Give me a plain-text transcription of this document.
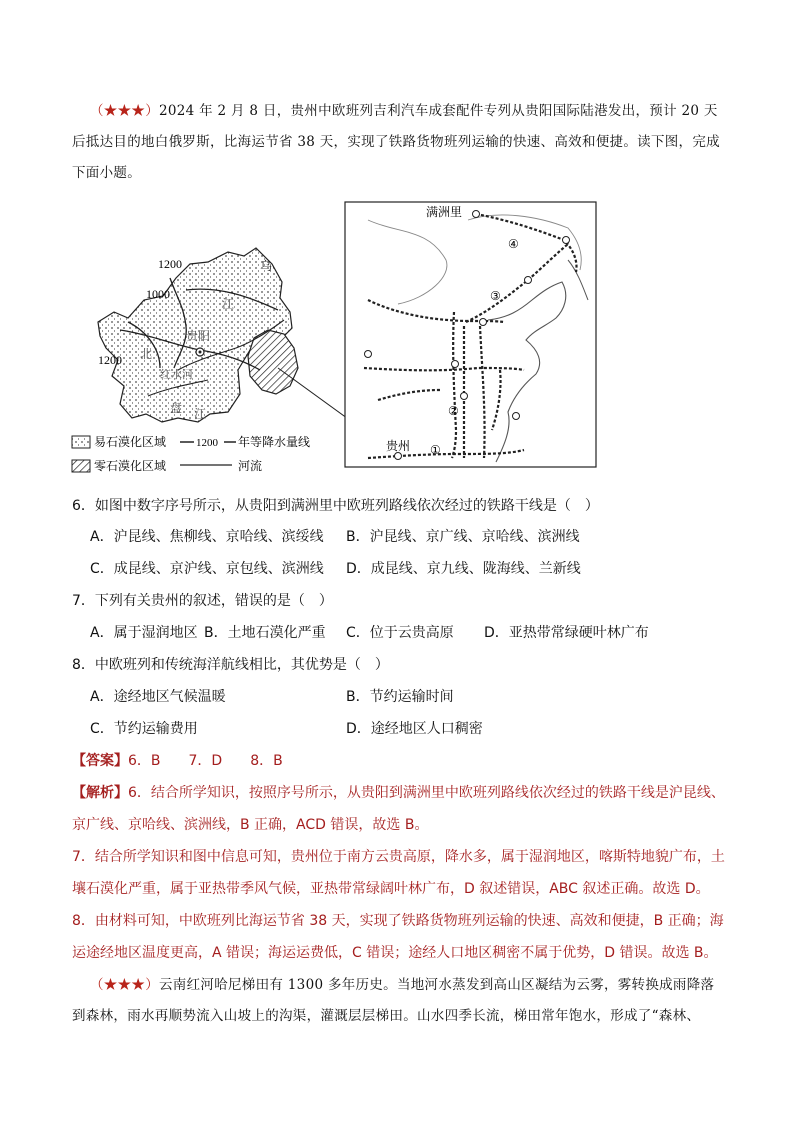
（★★★）2024 年 2 月 8 日，贵州中欧班列吉利汽车成套配件专列从贵阳国际陆港发出，预计 20 天后抵达目的地白俄罗斯，比海运节省 38 天，实现了铁路货物班列运输的快速、高效和便捷。读下图，完成下面小题。
1200
1000
1200
乌
江
贵阳
北
红水河
盘 江
易石漠化区域	1200 年等降水量线
零石漠化区域	河流
满洲里
贵州 ①
②
③
④
6．如图中数字序号所示，从贵阳到满洲里中欧班列路线依次经过的铁路干线是（　）
A．沪昆线、焦柳线、京哈线、滨绥线 B．沪昆线、京广线、京哈线、滨洲线
C．成昆线、京沪线、京包线、滨洲线 D．成昆线、京九线、陇海线、兰新线
7．下列有关贵州的叙述，错误的是（　）
A．属于湿润地区 B．土地石漠化严重 C．位于云贵高原 D．亚热带常绿硬叶林广布
8．中欧班列和传统海洋航线相比，其优势是（　）
A．途经地区气候温暖	B．节约运输时间
C．节约运输费用	D．途经地区人口稠密
【答案】6．B　　7．D　　8．B
【解析】6．结合所学知识，按照序号所示，从贵阳到满洲里中欧班列路线依次经过的铁路干线是沪昆线、
京广线、京哈线、滨洲线，B 正确，ACD 错误，故选 B。
7．结合所学知识和图中信息可知，贵州位于南方云贵高原，降水多，属于湿润地区，喀斯特地貌广布，土
壤石漠化严重，属于亚热带季风气候，亚热带常绿阔叶林广布，D 叙述错误，ABC 叙述正确。故选 D。
8．由材料可知，中欧班列比海运节省 38 天，实现了铁路货物班列运输的快速、高效和便捷，B 正确；海
运途经地区温度更高，A 错误；海运运费低，C 错误；途经人口地区稠密不属于优势，D 错误。故选 B。
（★★★）云南红河哈尼梯田有 1300 多年历史。当地河水蒸发到高山区凝结为云雾，雾转换成雨降落到森林，雨水再顺势流入山坡上的沟渠，灌溉层层梯田。山水四季长流，梯田常年饱水，形成了“森林、
